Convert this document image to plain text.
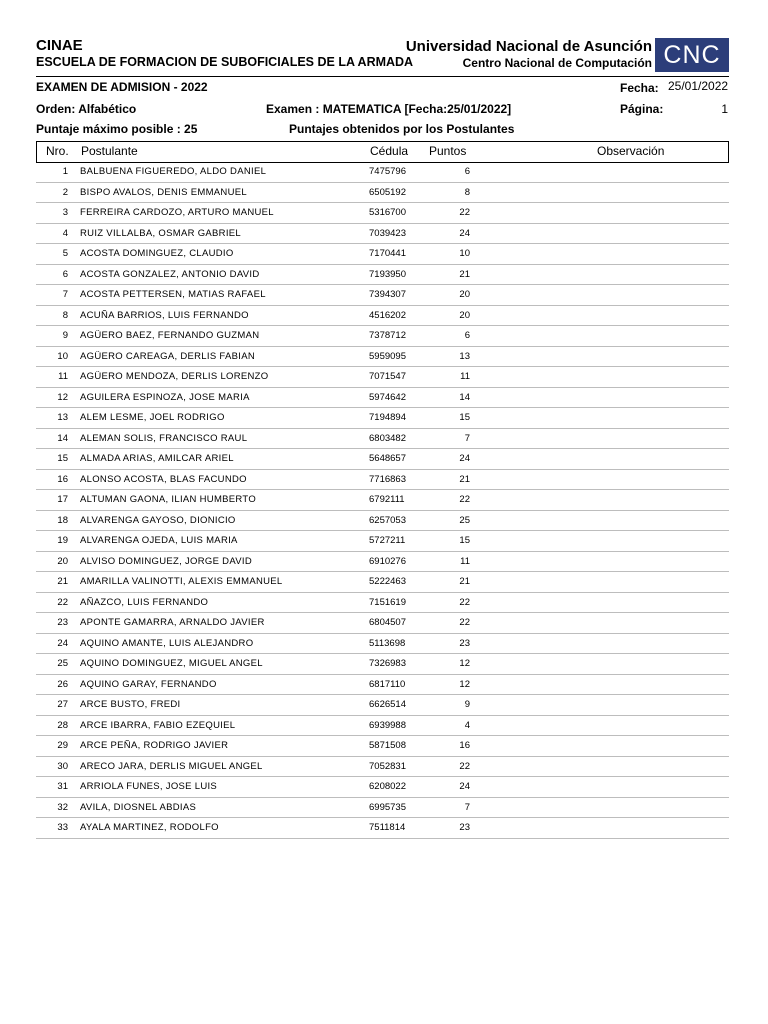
CINAE
ESCUELA DE FORMACION DE SUBOFICIALES DE LA ARMADA
Universidad Nacional de Asunción
Centro Nacional de Computación CNC
EXAMEN DE ADMISION - 2022	Fecha: 25/01/2022
Orden: Alfabético	Examen : MATEMATICA [Fecha:25/01/2022]	Página:	1
Puntaje máximo posible : 25	Puntajes obtenidos por los Postulantes
Nro. Postulante	Cédula Puntos	Observación
1 BALBUENA FIGUEREDO, ALDO DANIEL	7475796	6
2 BISPO AVALOS, DENIS EMMANUEL	6505192	8
3 FERREIRA CARDOZO, ARTURO MANUEL	5316700	22
4 RUIZ VILLALBA, OSMAR GABRIEL	7039423	24
5 ACOSTA DOMINGUEZ, CLAUDIO	7170441	10
6 ACOSTA GONZALEZ, ANTONIO DAVID	7193950	21
7 ACOSTA PETTERSEN, MATIAS RAFAEL	7394307	20
8 ACUÑA BARRIOS, LUIS FERNANDO	4516202	20
9 AGÜERO BAEZ, FERNANDO GUZMAN	7378712	6
10 AGÜERO CAREAGA, DERLIS FABIAN	5959095	13
11 AGÜERO MENDOZA, DERLIS LORENZO	7071547	11
12 AGUILERA ESPINOZA, JOSE MARIA	5974642	14
13 ALEM LESME, JOEL RODRIGO	7194894	15
14 ALEMAN SOLIS, FRANCISCO RAUL	6803482	7
15 ALMADA ARIAS, AMILCAR ARIEL	5648657	24
16 ALONSO ACOSTA, BLAS FACUNDO	7716863	21
17 ALTUMAN GAONA, ILIAN HUMBERTO	6792111	22
18 ALVARENGA GAYOSO, DIONICIO	6257053	25
19 ALVARENGA OJEDA, LUIS MARIA	5727211	15
20 ALVISO DOMINGUEZ, JORGE DAVID	6910276	11
21 AMARILLA VALINOTTI, ALEXIS EMMANUEL	5222463	21
22 AÑAZCO, LUIS FERNANDO	7151619	22
23 APONTE GAMARRA, ARNALDO JAVIER	6804507	22
24 AQUINO AMANTE, LUIS ALEJANDRO	5113698	23
25 AQUINO DOMINGUEZ, MIGUEL ANGEL	7326983	12
26 AQUINO GARAY, FERNANDO	6817110	12
27 ARCE BUSTO, FREDI	6626514	9
28 ARCE IBARRA, FABIO EZEQUIEL	6939988	4
29 ARCE PEÑA, RODRIGO JAVIER	5871508	16
30 ARECO JARA, DERLIS MIGUEL ANGEL	7052831	22
31 ARRIOLA FUNES, JOSE LUIS	6208022	24
32 AVILA, DIOSNEL ABDIAS	6995735	7
33 AYALA MARTINEZ, RODOLFO	7511814	23
